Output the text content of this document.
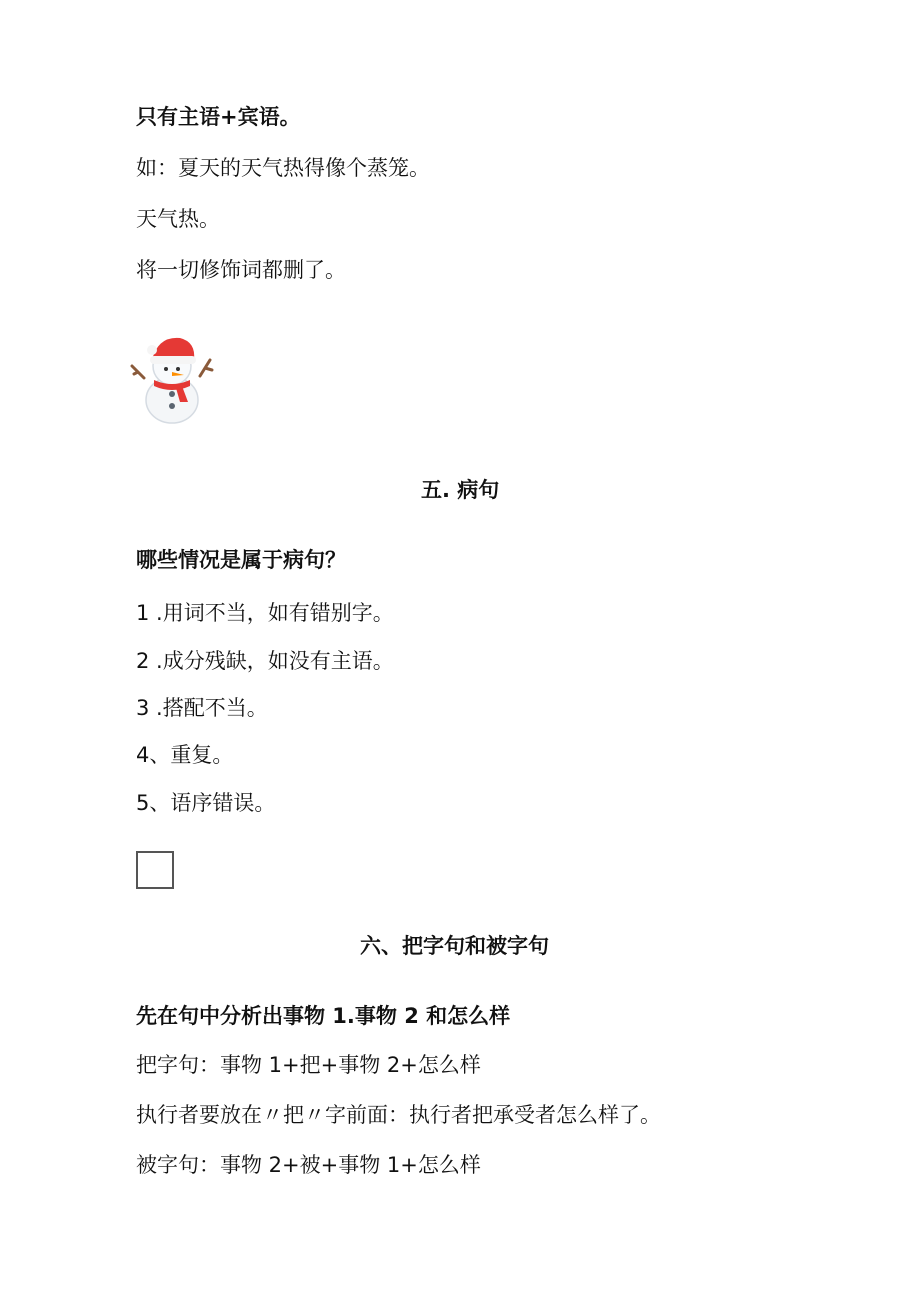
只有主语+宾语。
如：夏天的天气热得像个蒸笼。
天气热。
将一切修饰词都删了。
五. 病句
哪些情况是属于病句？
1 .用词不当，如有错别字。
2 .成分残缺，如没有主语。
3 .搭配不当。
4、重复。
5、语序错误。
六、把字句和被字句
先在句中分析出事物 1.事物 2 和怎么样
把字句：事物 1+把+事物 2+怎么样
执行者要放在〃把〃字前面：执行者把承受者怎么样了。
被字句：事物 2+被+事物 1+怎么样
